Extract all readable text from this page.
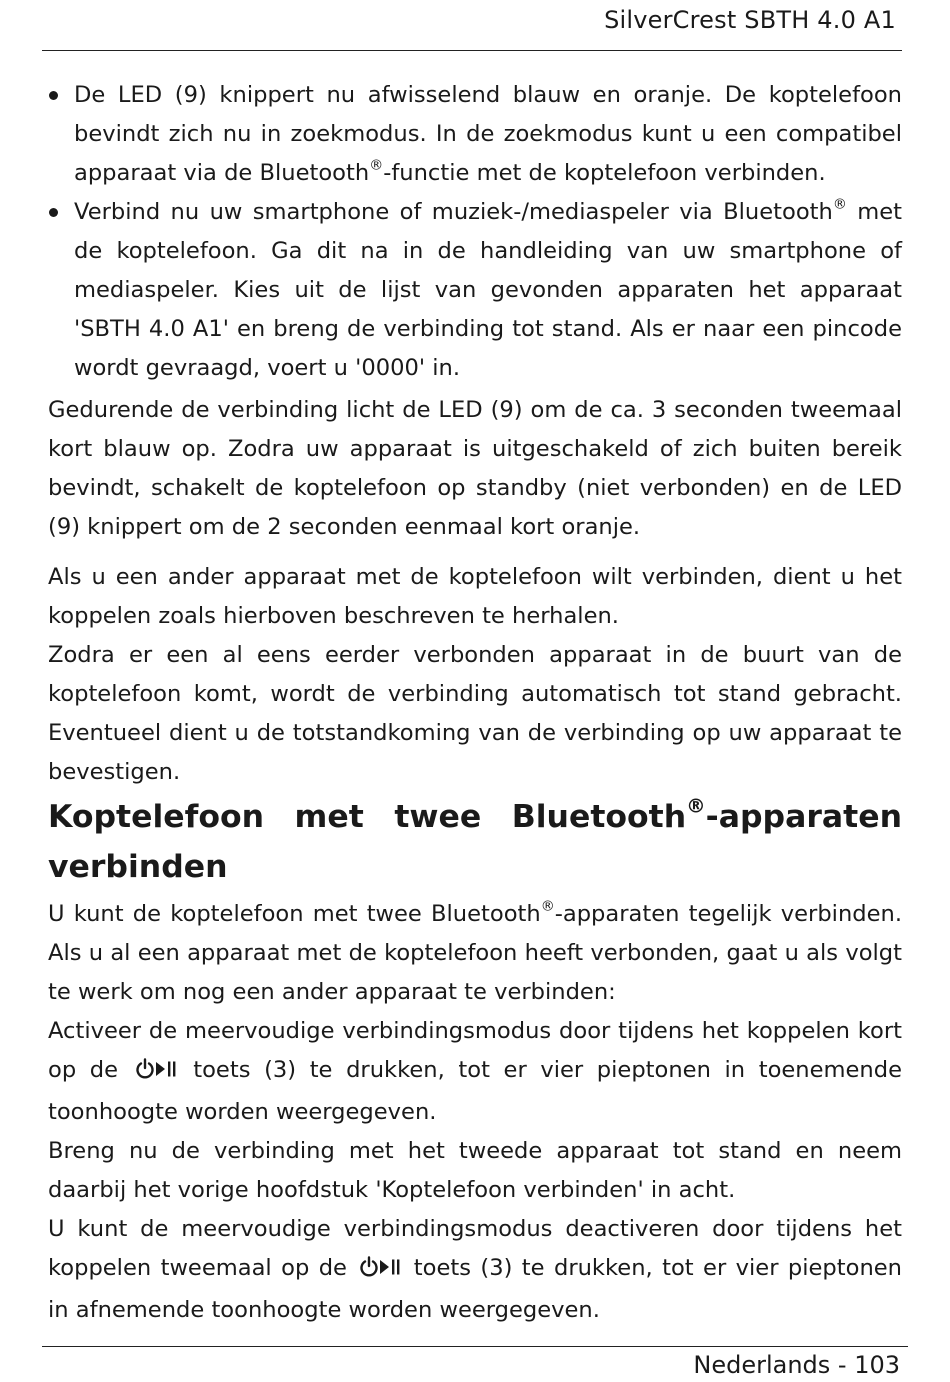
SilverCrest SBTH 4.0 A1
De LED (9) knippert nu afwisselend blauw en oranje. De koptelefoon bevindt zich nu in zoekmodus. In de zoekmodus kunt u een compatibel apparaat via de Bluetooth®-functie met de koptelefoon verbinden.
Verbind nu uw smartphone of muziek-/mediaspeler via Bluetooth® met de koptelefoon. Ga dit na in de handleiding van uw smartphone of mediaspeler. Kies uit de lijst van gevonden apparaten het apparaat 'SBTH 4.0 A1' en breng de verbinding tot stand. Als er naar een pincode wordt gevraagd, voert u '0000' in.

Gedurende de verbinding licht de LED (9) om de ca. 3 seconden tweemaal kort blauw op. Zodra uw apparaat is uitgeschakeld of zich buiten bereik bevindt, schakelt de koptelefoon op standby (niet verbonden) en de LED (9) knippert om de 2 seconden eenmaal kort oranje.

Als u een ander apparaat met de koptelefoon wilt verbinden, dient u het koppelen zoals hierboven beschreven te herhalen.

Zodra er een al eens eerder verbonden apparaat in de buurt van de koptelefoon komt, wordt de verbinding automatisch tot stand gebracht. Eventueel dient u de totstandkoming van de verbinding op uw apparaat te bevestigen.

Koptelefoon met twee Bluetooth®-apparaten

verbinden

U kunt de koptelefoon met twee Bluetooth®-apparaten tegelijk verbinden. Als u al een apparaat met de koptelefoon heeft verbonden, gaat u als volgt te werk om nog een ander apparaat te verbinden:

Activeer de meervoudige verbindingsmodus door tijdens het koppelen kort op de  toets (3) te drukken, tot er vier pieptonen in toenemende toonhoogte worden weergegeven.

Breng nu de verbinding met het tweede apparaat tot stand en neem daarbij het vorige hoofdstuk 'Koptelefoon verbinden' in acht.

U kunt de meervoudige verbindingsmodus deactiveren door tijdens het koppelen tweemaal op de  toets (3) te drukken, tot er vier pieptonen in afnemende toonhoogte worden weergegeven.

Nederlands - 103
